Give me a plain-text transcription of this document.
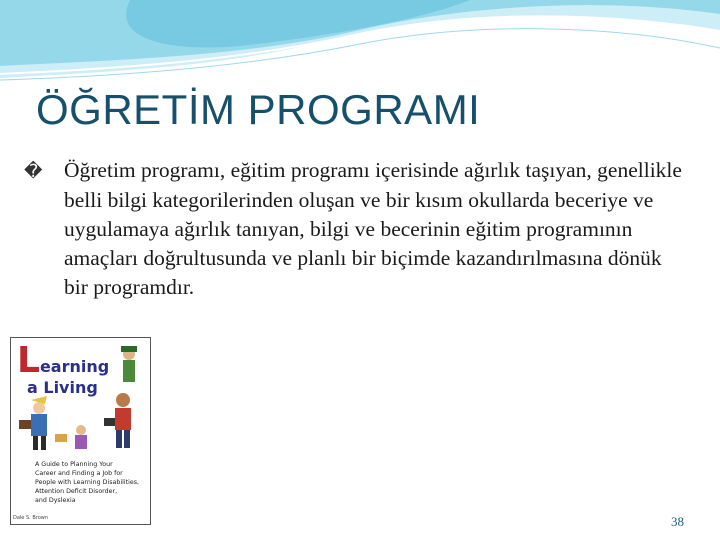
ÖĞRETİM PROGRAMI
� Öğretim programı, eğitim programı içerisinde ağırlık taşıyan, genellikle belli bilgi kategorilerinden oluşan ve bir kısım okullarda beceriye ve uygulamaya ağırlık tanıyan, bilgi ve becerinin eğitim programının amaçları doğrultusunda ve planlı bir biçimde kazandırılmasına dönük bir programdır.
Learning
a Living
A Guide to Planning Your
Career and Finding a Job for
People with Learning Disabilities,
Attention Deficit Disorder,
and Dyslexia
Dale S. Brown	38
